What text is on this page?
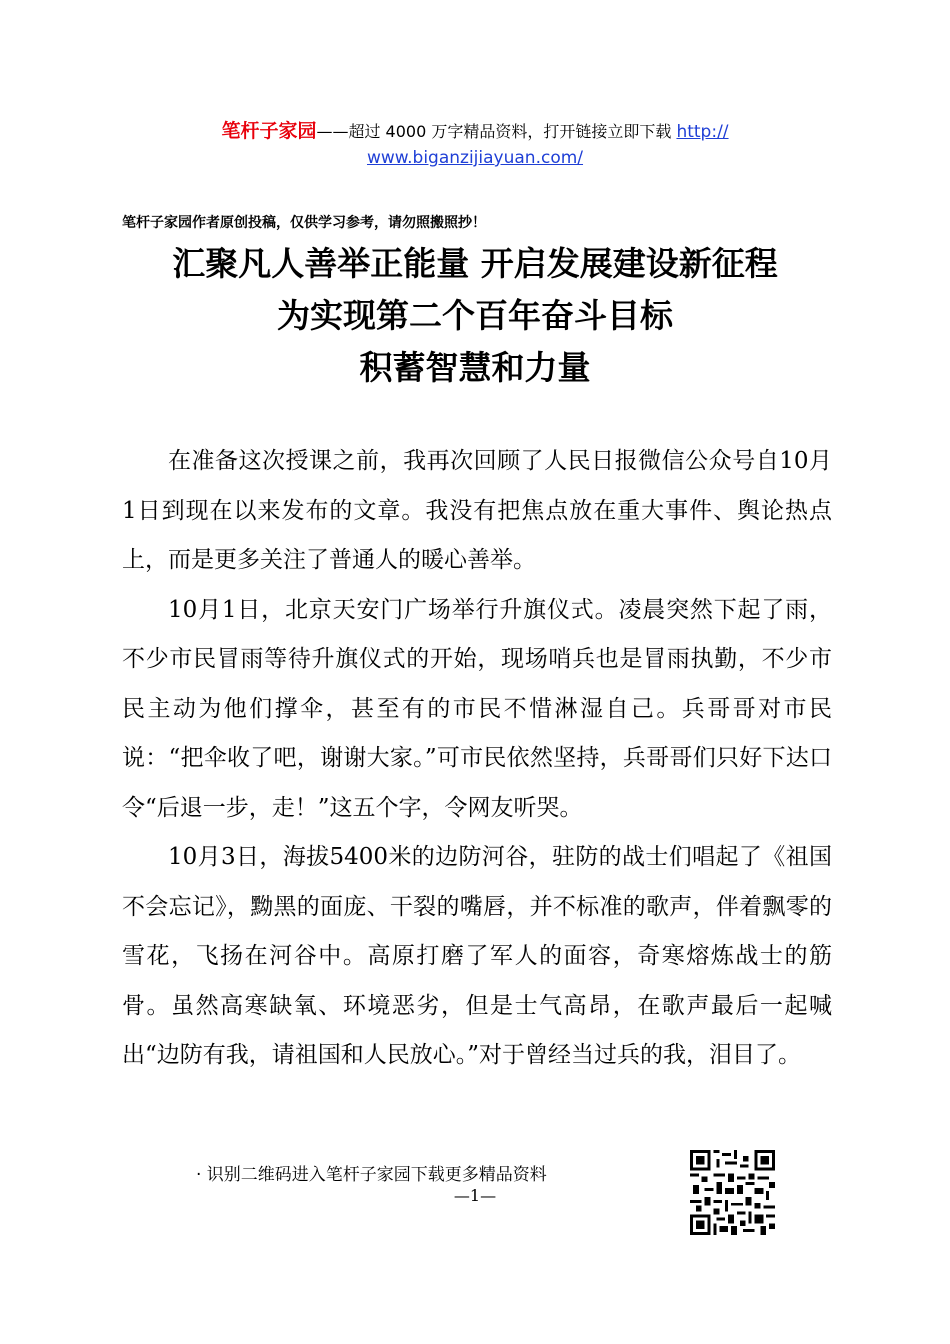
笔杆子家园——超过 4000 万字精品资料，打开链接立即下载 http://
www.biganzijiayuan.com/
笔杆子家园作者原创投稿，仅供学习参考，请勿照搬照抄！
汇聚凡人善举正能量 开启发展建设新征程
为实现第二个百年奋斗目标
积蓄智慧和力量

在准备这次授课之前，我再次回顾了人民日报微信公众号自10月1日到现在以来发布的文章。我没有把焦点放在重大事件、舆论热点上，而是更多关注了普通人的暖心善举。

10月1日，北京天安门广场举行升旗仪式。凌晨突然下起了雨，不少市民冒雨等待升旗仪式的开始，现场哨兵也是冒雨执勤，不少市民主动为他们撑伞，甚至有的市民不惜淋湿自己。兵哥哥对市民说：“把伞收了吧，谢谢大家。”可市民依然坚持，兵哥哥们只好下达口令“后退一步，走！”这五个字，令网友听哭。

10月3日，海拔5400米的边防河谷，驻防的战士们唱起了《祖国不会忘记》，黝黑的面庞、干裂的嘴唇，并不标准的歌声，伴着飘零的雪花，飞扬在河谷中。高原打磨了军人的面容，奇寒熔炼战士的筋骨。虽然高寒缺氧、环境恶劣，但是士气高昂，在歌声最后一起喊出“边防有我，请祖国和人民放心。”对于曾经当过兵的我，泪目了。

· 识别二维码进入笔杆子家园下载更多精品资料
—1—
